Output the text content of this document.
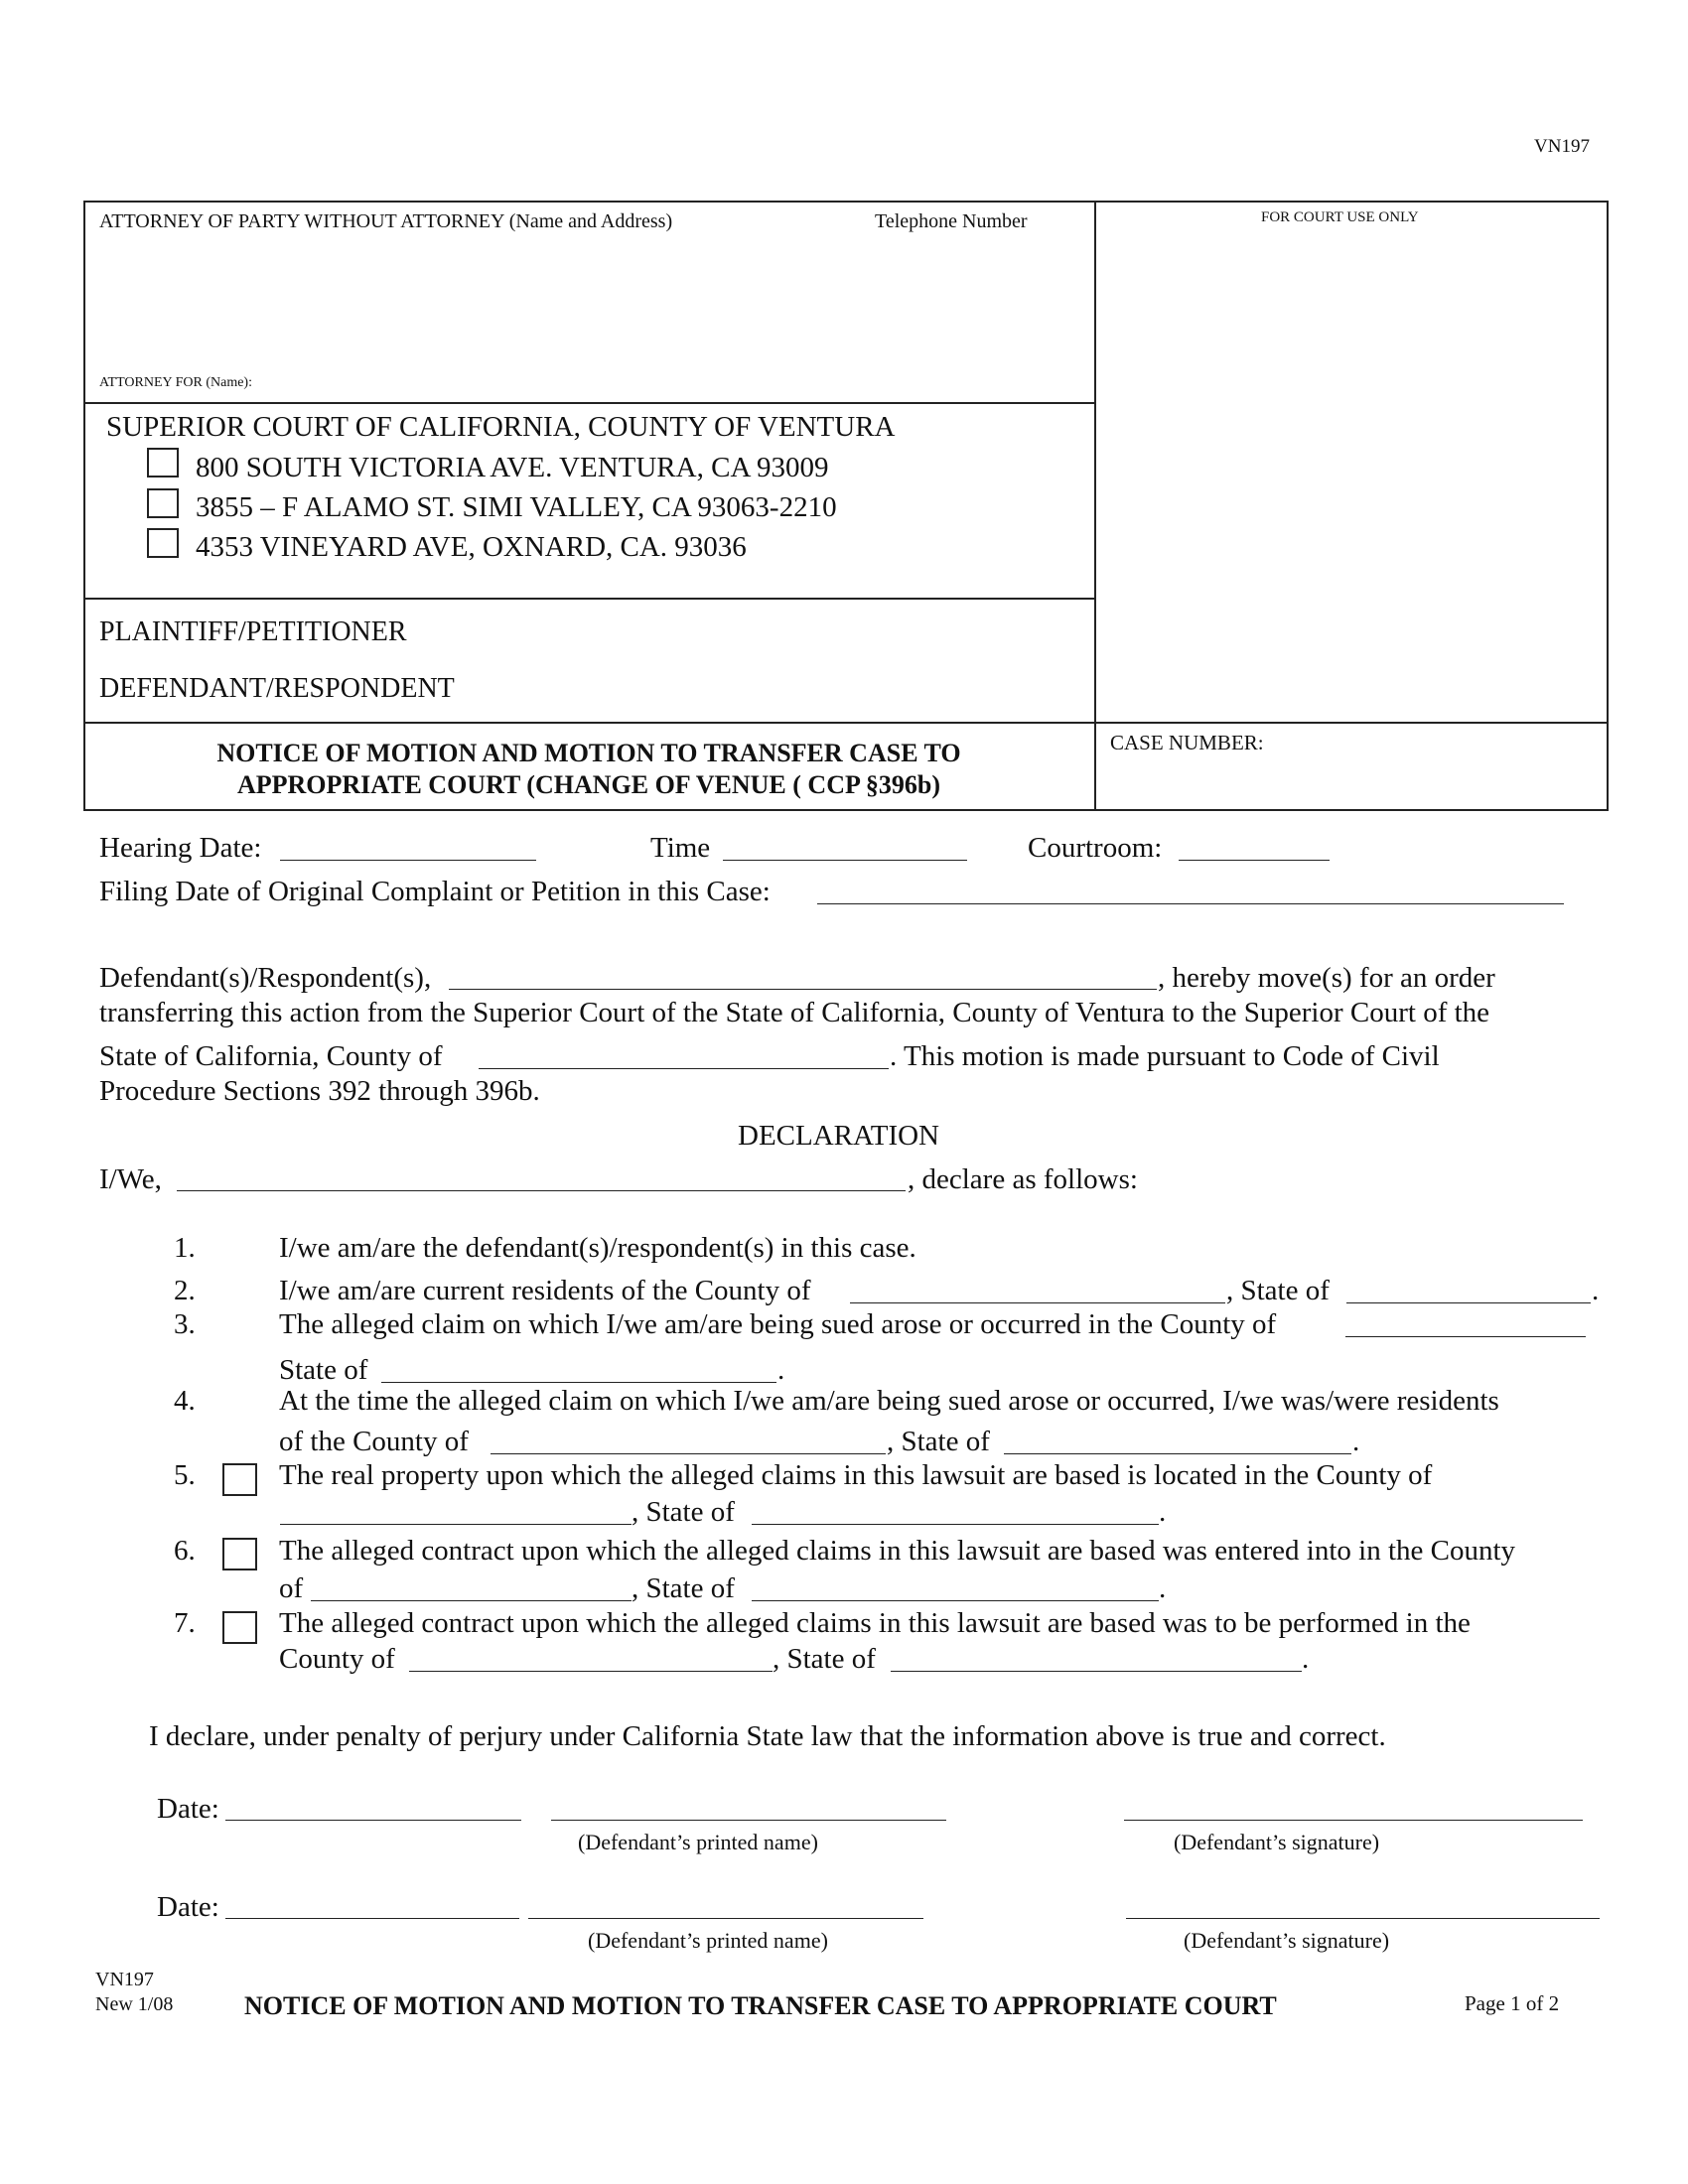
VN197
ATTORNEY OF PARTY WITHOUT ATTORNEY (Name and Address)	Telephone Number
ATTORNEY FOR (Name):
FOR COURT USE ONLY
SUPERIOR COURT OF CALIFORNIA, COUNTY OF VENTURA
800 SOUTH VICTORIA AVE. VENTURA, CA 93009
3855 – F ALAMO ST. SIMI VALLEY, CA 93063-2210
4353 VINEYARD AVE, OXNARD, CA. 93036
PLAINTIFF/PETITIONER
DEFENDANT/RESPONDENT
NOTICE OF MOTION AND MOTION TO TRANSFER CASE TO
APPROPRIATE COURT (CHANGE OF VENUE ( CCP §396b)
CASE NUMBER:
Hearing Date:	Time	Courtroom:
Filing Date of Original Complaint or Petition in this Case:
Defendant(s)/Respondent(s),	, hereby move(s) for an order
transferring this action from the Superior Court of the State of California, County of Ventura to the Superior Court of the
State of California, County of	. This motion is made pursuant to Code of Civil
Procedure Sections 392 through 396b.
DECLARATION
I/We,	, declare as follows:
1.	I/we am/are the defendant(s)/respondent(s) in this case.
2.	I/we am/are current residents of the County of	, State of	.
3.	The alleged claim on which I/we am/are being sued arose or occurred in the County of
State of	.
4.	At the time the alleged claim on which I/we am/are being sued arose or occurred, I/we was/were residents
of the County of	, State of	.
5.	The real property upon which the alleged claims in this lawsuit are based is located in the County of
, State of	.
6.	The alleged contract upon which the alleged claims in this lawsuit are based was entered into in the County
of	, State of	.
7.	The alleged contract upon which the alleged claims in this lawsuit are based was to be performed in the
County of	, State of	.
I declare, under penalty of perjury under California State law that the information above is true and correct.
Date:
(Defendant’s printed name)	(Defendant’s signature)
Date:
(Defendant’s printed name)	(Defendant’s signature)
VN197
New 1/08	NOTICE OF MOTION AND MOTION TO TRANSFER CASE TO APPROPRIATE COURT	Page 1 of 2
